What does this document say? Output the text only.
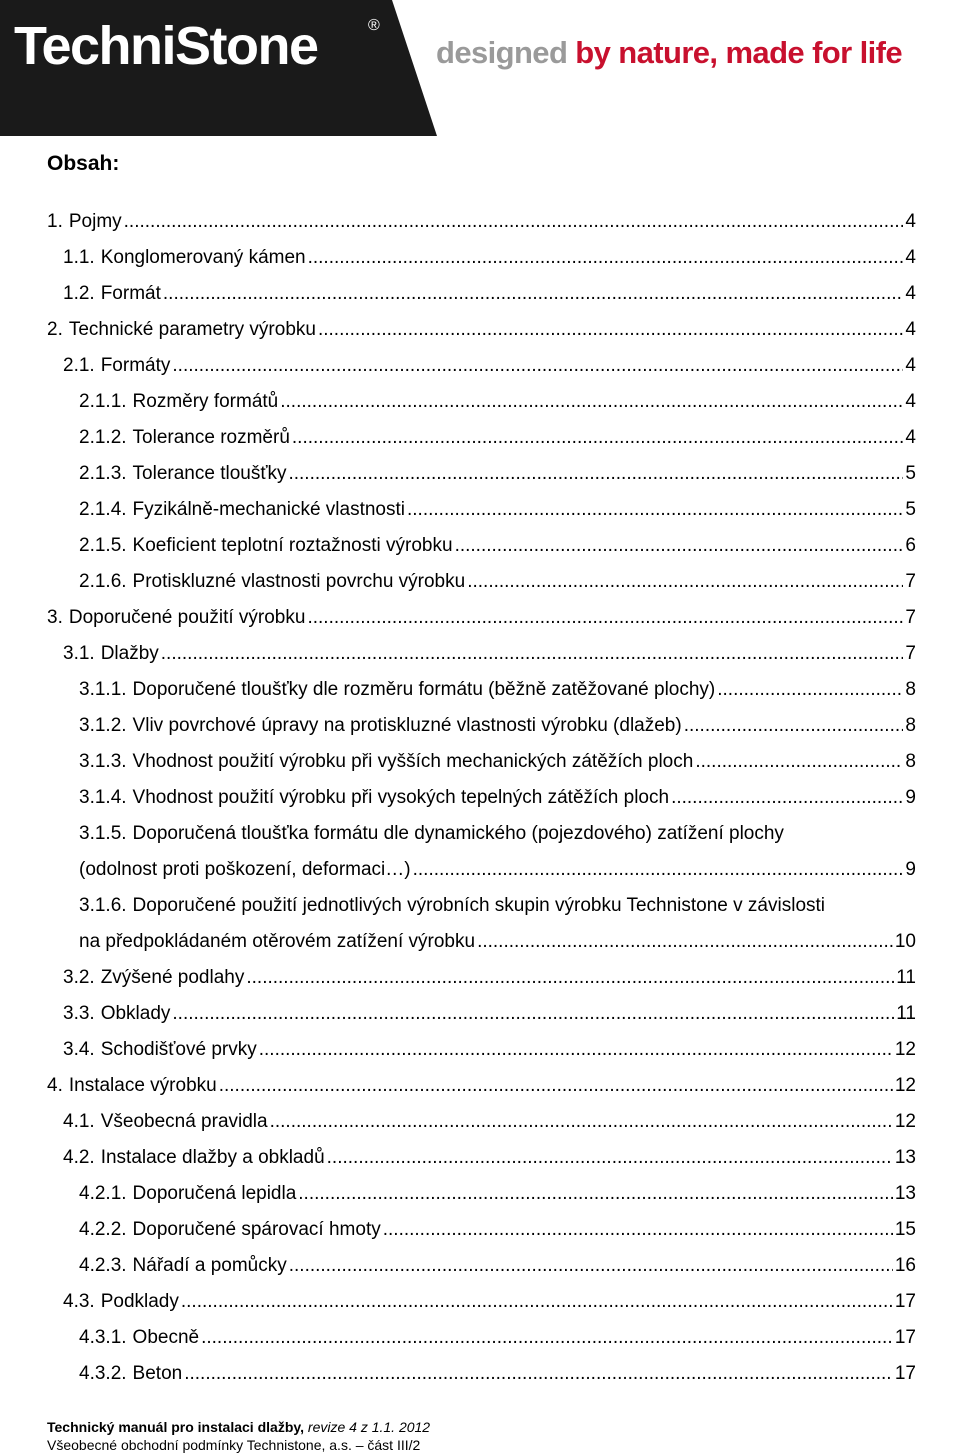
TechniStone	®
designed by nature, made for life
Obsah:
1. Pojmy .....	4
1.1. Konglomerovaný kámen .....	4
1.2. Formát .....	4
2. Technické parametry výrobku .....	4
2.1. Formáty .....	4
2.1.1. Rozměry formátů .....	4
2.1.2. Tolerance rozměrů .....	4
2.1.3. Tolerance tloušťky .....	5
2.1.4. Fyzikálně-mechanické vlastnosti .....	5
2.1.5. Koeficient teplotní roztažnosti výrobku .....	6
2.1.6. Protiskluzné vlastnosti povrchu výrobku .....	7
3. Doporučené použití výrobku .....	7
3.1. Dlažby .....	7
3.1.1. Doporučené tloušťky dle rozměru formátu (běžně zatěžované plochy) .....	8
3.1.2. Vliv povrchové úpravy na protiskluzné vlastnosti výrobku (dlažeb) .....	8
3.1.3. Vhodnost použití výrobku při vyšších mechanických zátěžích ploch .....	8
3.1.4. Vhodnost použití výrobku při vysokých tepelných zátěžích ploch .....	9
3.1.5. Doporučená tloušťka formátu dle dynamického (pojezdového) zatížení plochy
(odolnost proti poškození, deformaci…) .....	9
3.1.6. Doporučené použití jednotlivých výrobních skupin výrobku Technistone v závislosti
na předpokládaném otěrovém zatížení výrobku .....	10
3.2. Zvýšené podlahy .....	11
3.3. Obklady .....	11
3.4. Schodišťové prvky .....	12
4. Instalace výrobku .....	12
4.1. Všeobecná pravidla .....	12
4.2. Instalace dlažby a obkladů .....	13
4.2.1. Doporučená lepidla .....	13
4.2.2. Doporučené spárovací hmoty .....	15
4.2.3. Nářadí a pomůcky .....	16
4.3. Podklady .....	17
4.3.1. Obecně .....	17
4.3.2. Beton .....	17
Technický manuál pro instalaci dlažby, revize 4 z 1.1. 2012
Všeobecné obchodní podmínky Technistone, a.s. – část III/2
